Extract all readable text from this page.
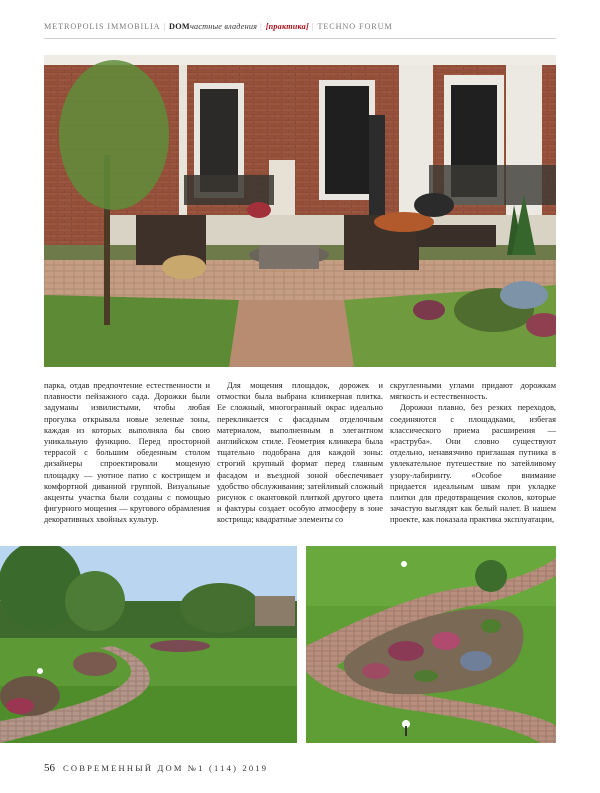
METROPOLIS IMMOBILIA | DOMчастные владения | [практика] | TECHNO FORUM

парка, отдав предпочтение естественности и плавности пейзажного сада. Дорожки были задуманы извилистыми, чтобы любая прогулка открывала новые зеленые зоны, каждая из которых выполняла бы свою уникальную функцию. Перед просторной террасой с большим обеденным столом дизайнеры спроектировали мощеную площадку — уютное патио с кострищем и комфортной диванной группой. Визуальные акценты участка были созданы с помощью фигурного мощения — кругового обрамления декоративных хвойных культур.

Для мощения площадок, дорожек и отмостки была выбрана клинкерная плитка. Ее сложный, многогранный окрас идеально перекликается с фасадным отделочным материалом, выполненным в элегантном английском стиле. Геометрия клинкера была тщательно подобрана для каждой зоны: строгий крупный формат перед главным фасадом и въездной зоной обеспечивает удобство обслуживания; затейливый сложный рисунок с окантовкой плиткой другого цвета и фактуры создает особую атмосферу в зоне кострища; квадратные элементы со

скругленными углами придают дорожкам мягкость и естественность.

Дорожки плавно, без резких переходов, соединяются с площадками, избегая классического приема расширения — «раструба». Они словно существуют отдельно, ненавязчиво приглашая путника в увлекательное путешествие по затейливому узору-лабиринту. «Особое внимание придается идеальным швам при укладке плитки для предотвращения сколов, которые зачастую выглядят как белый налет. В нашем проекте, как показала практика эксплуатации,

56 СОВРЕМЕННЫЙ ДОМ №1 (114) 2019
